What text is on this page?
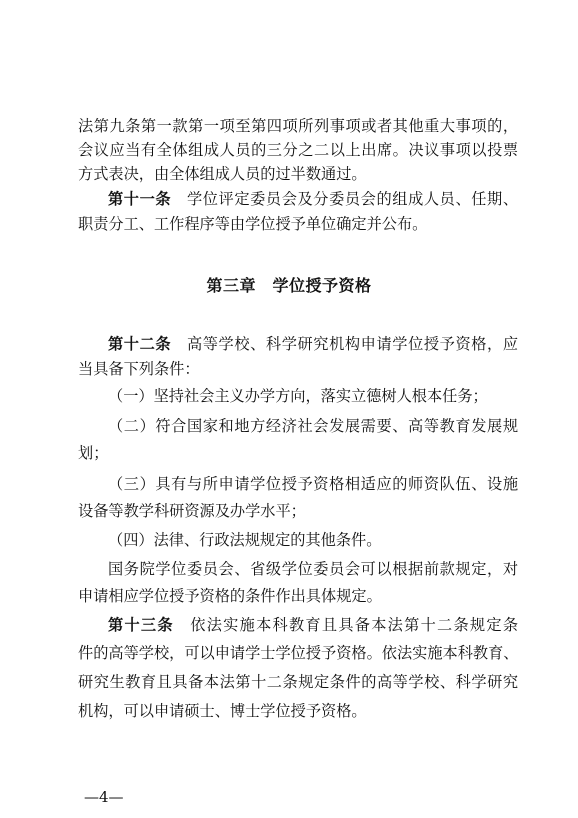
法第九条第一款第一项至第四项所列事项或者其他重大事项的，
会议应当有全体组成人员的三分之二以上出席。决议事项以投票
方式表决，由全体组成人员的过半数通过。
第十一条　 学位评定委员会及分委员会的组成人员、任期、
职责分工、工作程序等由学位授予单位确定并公布。
第三章　学位授予资格
第十二条　 高等学校、科学研究机构申请学位授予资格，应
当具备下列条件：
（一）坚持社会主义办学方向，落实立德树人根本任务；
（二）符合国家和地方经济社会发展需要、高等教育发展规
划；
（三）具有与所申请学位授予资格相适应的师资队伍、设施
设备等教学科研资源及办学水平；
（四）法律、行政法规规定的其他条件。
国务院学位委员会、省级学位委员会可以根据前款规定，对
申请相应学位授予资格的条件作出具体规定。
第十三条　 依法实施本科教育且具备本法第十二条规定条
件的高等学校，可以申请学士学位授予资格。依法实施本科教育、
研究生教育且具备本法第十二条规定条件的高等学校、科学研究
机构，可以申请硕士、博士学位授予资格。
—4—
